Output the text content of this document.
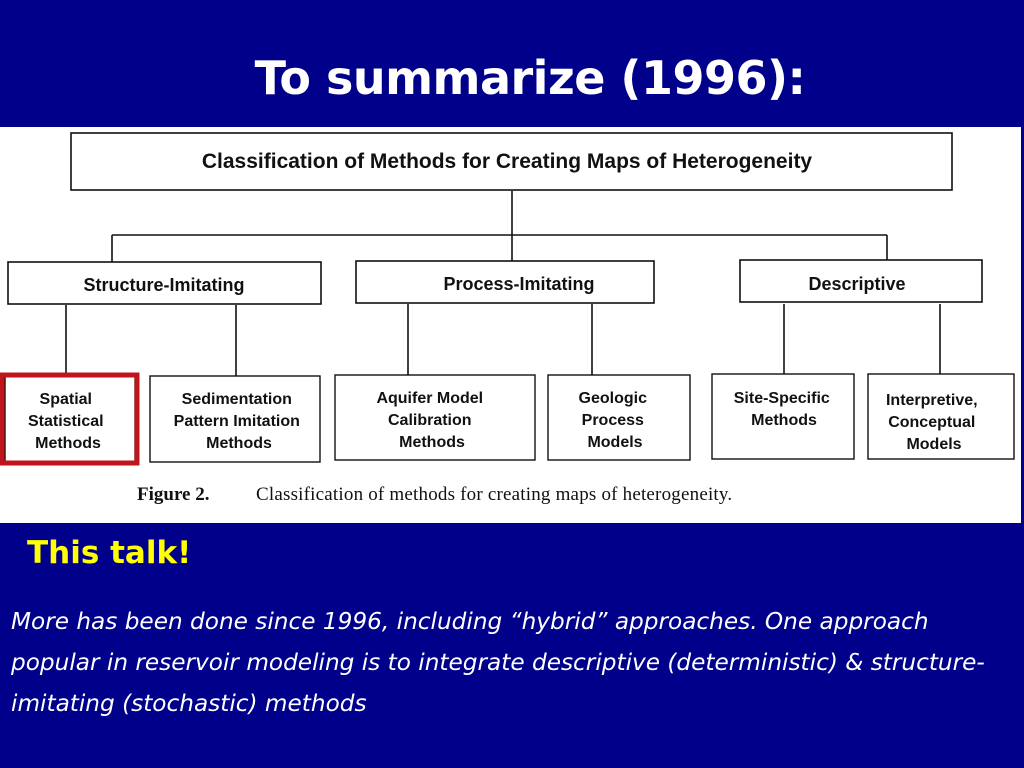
To summarize (1996):
Classification of Methods for Creating Maps of Heterogeneity
Structure-Imitating	Process-Imitating	Descriptive
Spatial Statistical Methods
Sedimentation Pattern Imitation Methods
Aquifer Model Calibration Methods
Geologic Process Models
Site-Specific Methods
Interpretive, Conceptual Models
Figure 2. Classification of methods for creating maps of heterogeneity.
This talk!
More has been done since 1996, including “hybrid” approaches. One approach popular in reservoir modeling is to integrate descriptive (deterministic) & structure-imitating (stochastic) methods
